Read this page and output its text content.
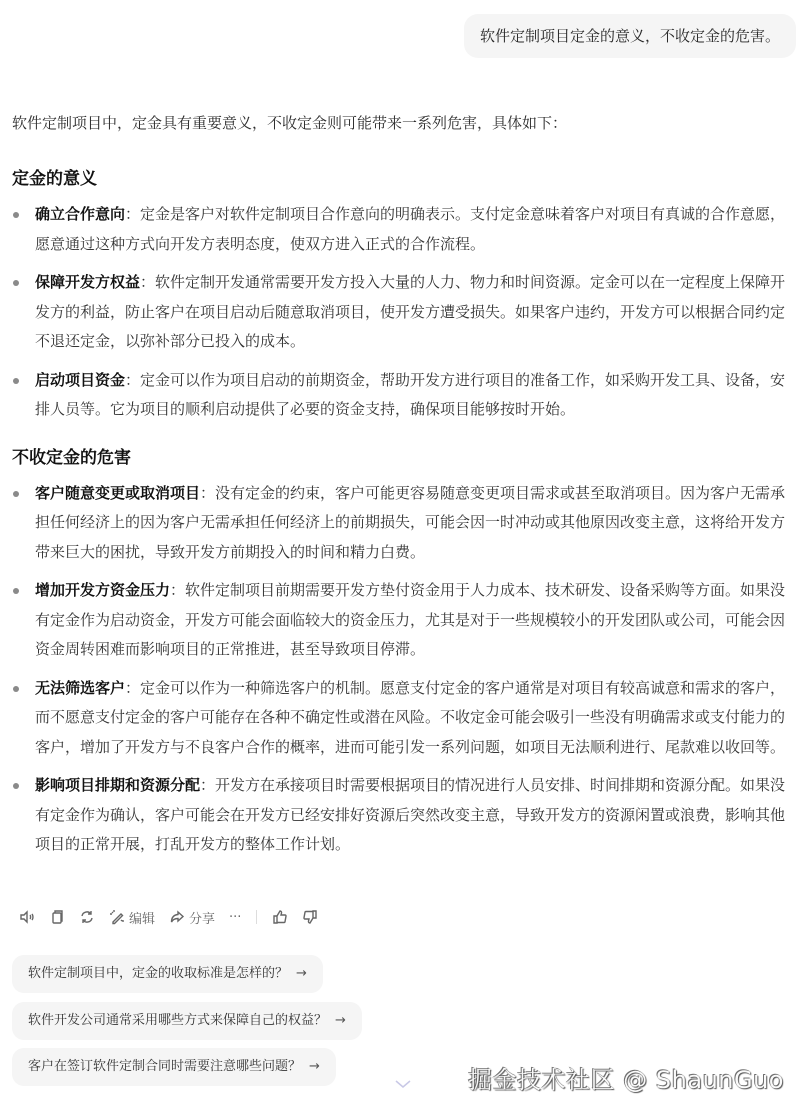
软件定制项目定金的意义，不收定金的危害。

软件定制项目中，定金具有重要意义，不收定金则可能带来一系列危害，具体如下：

定金的意义
确立合作意向：定金是客户对软件定制项目合作意向的明确表示。支付定金意味着客户对项目有真诚的合作意愿，愿意通过这种方式向开发方表明态度，使双方进入正式的合作流程。
保障开发方权益：软件定制开发通常需要开发方投入大量的人力、物力和时间资源。定金可以在一定程度上保障开发方的利益，防止客户在项目启动后随意取消项目，使开发方遭受损失。如果客户违约，开发方可以根据合同约定不退还定金，以弥补部分已投入的成本。
启动项目资金：定金可以作为项目启动的前期资金，帮助开发方进行项目的准备工作，如采购开发工具、设备，安排人员等。它为项目的顺利启动提供了必要的资金支持，确保项目能够按时开始。
不收定金的危害
客户随意变更或取消项目：没有定金的约束，客户可能更容易随意变更项目需求或甚至取消项目。因为客户无需承担任何经济上的因为客户无需承担任何经济上的前期损失，可能会因一时冲动或其他原因改变主意，这将给开发方带来巨大的困扰，导致开发方前期投入的时间和精力白费。
增加开发方资金压力：软件定制项目前期需要开发方垫付资金用于人力成本、技术研发、设备采购等方面。如果没有定金作为启动资金，开发方可能会面临较大的资金压力，尤其是对于一些规模较小的开发团队或公司，可能会因资金周转困难而影响项目的正常推进，甚至导致项目停滞。
无法筛选客户：定金可以作为一种筛选客户的机制。愿意支付定金的客户通常是对项目有较高诚意和需求的客户，而不愿意支付定金的客户可能存在各种不确定性或潜在风险。不收定金可能会吸引一些没有明确需求或支付能力的客户，增加了开发方与不良客户合作的概率，进而可能引发一系列问题，如项目无法顺利进行、尾款难以收回等。
影响项目排期和资源分配：开发方在承接项目时需要根据项目的情况进行人员安排、时间排期和资源分配。如果没有定金作为确认，客户可能会在开发方已经安排好资源后突然改变主意，导致开发方的资源闲置或浪费，影响其他项目的正常开展，打乱开发方的整体工作计划。
编辑	分享 ···
软件定制项目中，定金的收取标准是怎样的？ →
软件开发公司通常采用哪些方式来保障自己的权益？ →
客户在签订软件定制合同时需要注意哪些问题？ →	掘金技术社区 @ ShaunGuo
